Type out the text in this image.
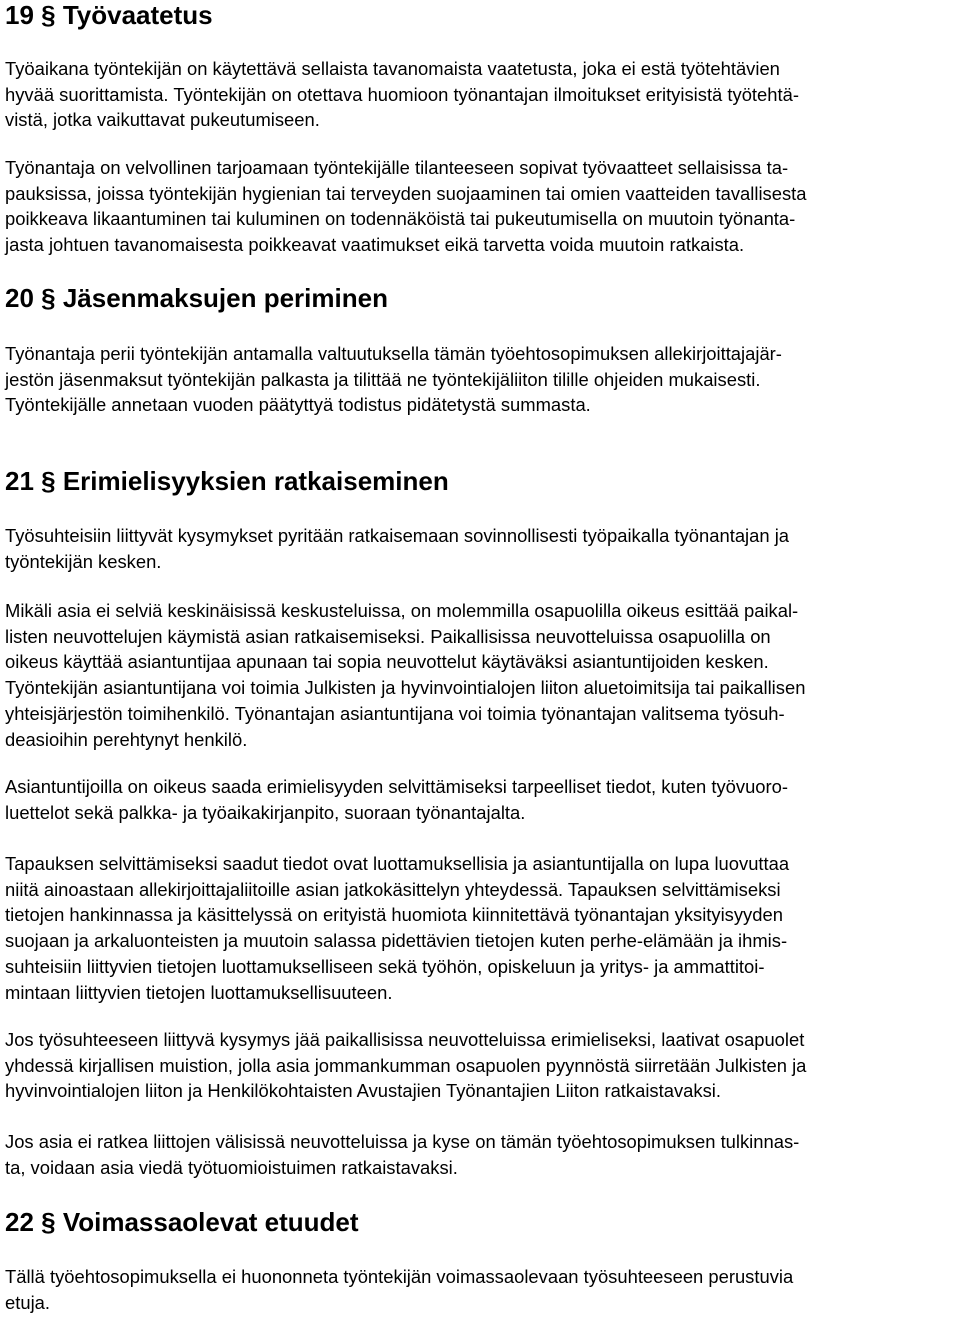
19 § Työvaatetus

Työaikana työntekijän on käytettävä sellaista tavanomaista vaatetusta, joka ei estä työtehtävien
hyvää suorittamista. Työntekijän on otettava huomioon työnantajan ilmoitukset erityisistä työtehtä-
vistä, jotka vaikuttavat pukeutumiseen.

Työnantaja on velvollinen tarjoamaan työntekijälle tilanteeseen sopivat työvaatteet sellaisissa ta-
pauksissa, joissa työntekijän hygienian tai terveyden suojaaminen tai omien vaatteiden tavallisesta
poikkeava likaantuminen tai kuluminen on todennäköistä tai pukeutumisella on muutoin työnanta-
jasta johtuen tavanomaisesta poikkeavat vaatimukset eikä tarvetta voida muutoin ratkaista.

20 § Jäsenmaksujen periminen

Työnantaja perii työntekijän antamalla valtuutuksella tämän työehtosopimuksen allekirjoittajajär-
jestön jäsenmaksut työntekijän palkasta ja tilittää ne työntekijäliiton tilille ohjeiden mukaisesti.
Työntekijälle annetaan vuoden päätyttyä todistus pidätetystä summasta.

21 § Erimielisyyksien ratkaiseminen

Työsuhteisiin liittyvät kysymykset pyritään ratkaisemaan sovinnollisesti työpaikalla työnantajan ja
työntekijän kesken.

Mikäli asia ei selviä keskinäisissä keskusteluissa, on molemmilla osapuolilla oikeus esittää paikal-
listen neuvottelujen käymistä asian ratkaisemiseksi. Paikallisissa neuvotteluissa osapuolilla on
oikeus käyttää asiantuntijaa apunaan tai sopia neuvottelut käytäväksi asiantuntijoiden kesken.
Työntekijän asiantuntijana voi toimia Julkisten ja hyvinvointialojen liiton aluetoimitsija tai paikallisen
yhteisjärjestön toimihenkilö. Työnantajan asiantuntijana voi toimia työnantajan valitsema työsuh-
deasioihin perehtynyt henkilö.

Asiantuntijoilla on oikeus saada erimielisyyden selvittämiseksi tarpeelliset tiedot, kuten työvuoro-
luettelot sekä palkka- ja työaikakirjanpito, suoraan työnantajalta.

Tapauksen selvittämiseksi saadut tiedot ovat luottamuksellisia ja asiantuntijalla on lupa luovuttaa
niitä ainoastaan allekirjoittajaliitoille asian jatkokäsittelyn yhteydessä. Tapauksen selvittämiseksi
tietojen hankinnassa ja käsittelyssä on erityistä huomiota kiinnitettävä työnantajan yksityisyyden
suojaan ja arkaluonteisten ja muutoin salassa pidettävien tietojen kuten perhe-elämään ja ihmis-
suhteisiin liittyvien tietojen luottamukselliseen sekä työhön, opiskeluun ja yritys- ja ammattitoi-
mintaan liittyvien tietojen luottamuksellisuuteen.

Jos työsuhteeseen liittyvä kysymys jää paikallisissa neuvotteluissa erimieliseksi, laativat osapuolet
yhdessä kirjallisen muistion, jolla asia jommankumman osapuolen pyynnöstä siirretään Julkisten ja
hyvinvointialojen liiton ja Henkilökohtaisten Avustajien Työnantajien Liiton ratkaistavaksi.

Jos asia ei ratkea liittojen välisissä neuvotteluissa ja kyse on tämän työehtosopimuksen tulkinnas-
ta, voidaan asia viedä työtuomioistuimen ratkaistavaksi.

22 § Voimassaolevat etuudet

Tällä työehtosopimuksella ei huononneta työntekijän voimassaolevaan työsuhteeseen perustuvia
etuja.
